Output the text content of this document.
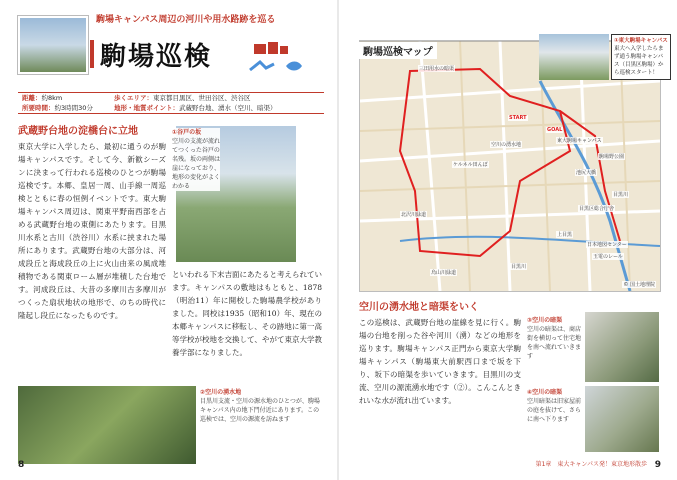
駒場キャンパス周辺の河川や用水路跡を巡る
駒場巡検
距離：約8km
所要時間：約3時間30分
歩くエリア：東京都目黒区、世田谷区、渋谷区
地形・地質ポイント：武蔵野台地、湧水（空川、暗渠）
武蔵野台地の淀橋台に立地
東京大学に入学したら、最初に通うのが駒場キャンパスです。そして今、新歓シーズンに決まって行われる巡検のひとつが駒場巡検です。本郷、皇居一周、山手線一周巡検とともに春の恒例イベントです。東大駒場キャンパス周辺は、関東平野南西部を占める武蔵野台地の東側にあたります。目黒川水系と古川（渋谷川）水系に挟まれた場所にあります。武蔵野台地の大部分は、河成段丘と海成段丘の上に火山由来の風成堆積物である関東ローム層が堆積した台地です。河成段丘は、大昔の多摩川古多摩川がつくった扇状地状の地形で、のちの時代に隆起し段丘になったものです。
①谷戸の坂
空川の支流が流れてつくった谷戸の名残。坂の両側は崖になっており、地形の変化がよくわかる
といわれる下末吉面にあたると考えられています。キャンパスの敷地はもともと、1878（明治11）年に開校した駒場農学校がありました。同校は1935（昭和10）年、現在の本郷キャンパスに移転し、その跡地に第一高等学校が校地を交換して、やがて東京大学教養学部になりました。
②空川の湧水地
目黒川支流・空川の源水地のひとつが、駒場キャンパス内の地下門付近にあります。この巡検では、空川の源流を訪ねます
8
駒場巡検マップ
三田用水の暗渠
START
GOAL
東大駒場キャンパス
駒場野公園
目黒川
空川の湧水地
ケルネル田んぼ
池尻大橋
目黒区総合庁舎
上目黒
日本地図センター
玉電のレール
目黒川
北沢川緑道
烏山川緑道
© 国土地理院
①東大駒場キャンパス
東大へ入学したらまず通う駒場キャンパス（目黒区駒場）から巡検スタート！
空川の湧水地と暗渠をいく
この巡検は、武蔵野台地の崖線を見に行く。駒場の台地を削った谷や河川（湧）などの地形を巡ります。駒場キャンパス正門から東京大学駒場キャンパス（駒場東大前駅西口まで坂を下り、坂下の暗渠を歩いていきます。目黒川の支流、空川の源流湧水地です（②）。こんこんときれいな水が流れ出ています。
③空川の暗渠
空川の暗渠は、商店街を横切って住宅地を南へ流れていきます
④空川の暗渠
空川暗渠は旧家屋前の庭を抜けて、さらに南へ下ります
第1章　東大キャンパス発！東京地形散歩 9
